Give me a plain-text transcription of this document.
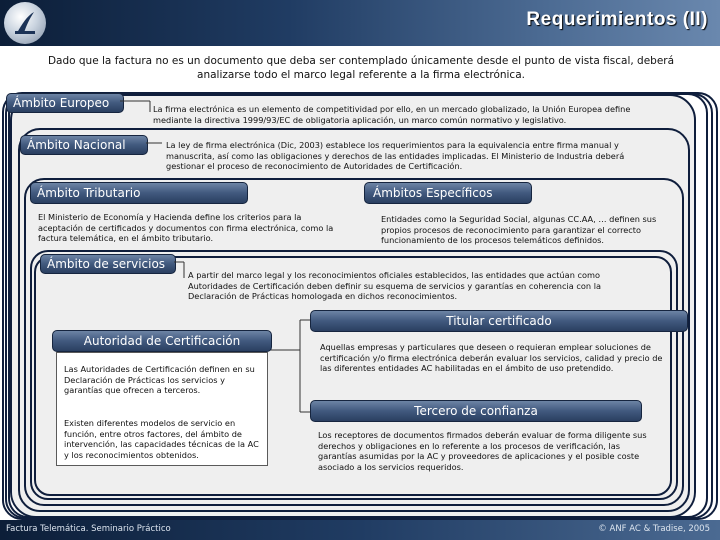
Requerimientos (II)
Dado que la factura no es un documento que deba ser contemplado únicamente desde el punto de vista fiscal, deberá analizarse todo el marco legal referente a la firma electrónica.
Ámbito Europeo	La firma electrónica es un elemento de competitividad por ello, en un mercado globalizado, la Unión Europea define mediante la directiva 1999/93/EC de obligatoria aplicación, un marco común normativo y legislativo.
Ámbito Nacional	La ley de firma electrónica (Dic, 2003) establece los requerimientos para la equivalencia entre firma manual y manuscrita, así como las obligaciones y derechos de las entidades implicadas. El Ministerio de Industria deberá gestionar el proceso de reconocimiento de Autoridades de Certificación.
Ámbito Tributario
El Ministerio de Economía y Hacienda define los criterios para la aceptación de certificados y documentos con firma electrónica, como la factura telemática, en el ámbito tributario.
Ámbitos Específicos
Entidades como la Seguridad Social, algunas CC.AA, … definen sus propios procesos de reconocimiento para garantizar el correcto funcionamiento de los procesos telemáticos definidos.
Ámbito de servicios
A partir del marco legal y los reconocimientos oficiales establecidos, las entidades que actúan como Autoridades de Certificación deben definir su esquema de servicios y garantías en coherencia con la Declaración de Prácticas homologada en dichos reconocimientos.
Autoridad de Certificación
Las Autoridades de Certificación definen en su Declaración de Prácticas los servicios y garantías que ofrecen a terceros.
Existen diferentes modelos de servicio en función, entre otros factores, del ámbito de intervención, las capacidades técnicas de la AC y los reconocimientos obtenidos.
Titular certificado
Aquellas empresas y particulares que deseen o requieran emplear soluciones de certificación y/o firma electrónica deberán evaluar los servicios, calidad y precio de las diferentes entidades AC habilitadas en el ámbito de uso pretendido.
Tercero de confianza
Los receptores de documentos firmados deberán evaluar de forma diligente sus derechos y obligaciones en lo referente a los procesos de verificación, las garantías asumidas por la AC y proveedores de aplicaciones y el posible coste asociado a los servicios requeridos.
Factura Telemática. Seminario Práctico	© ANF AC & Tradise, 2005
